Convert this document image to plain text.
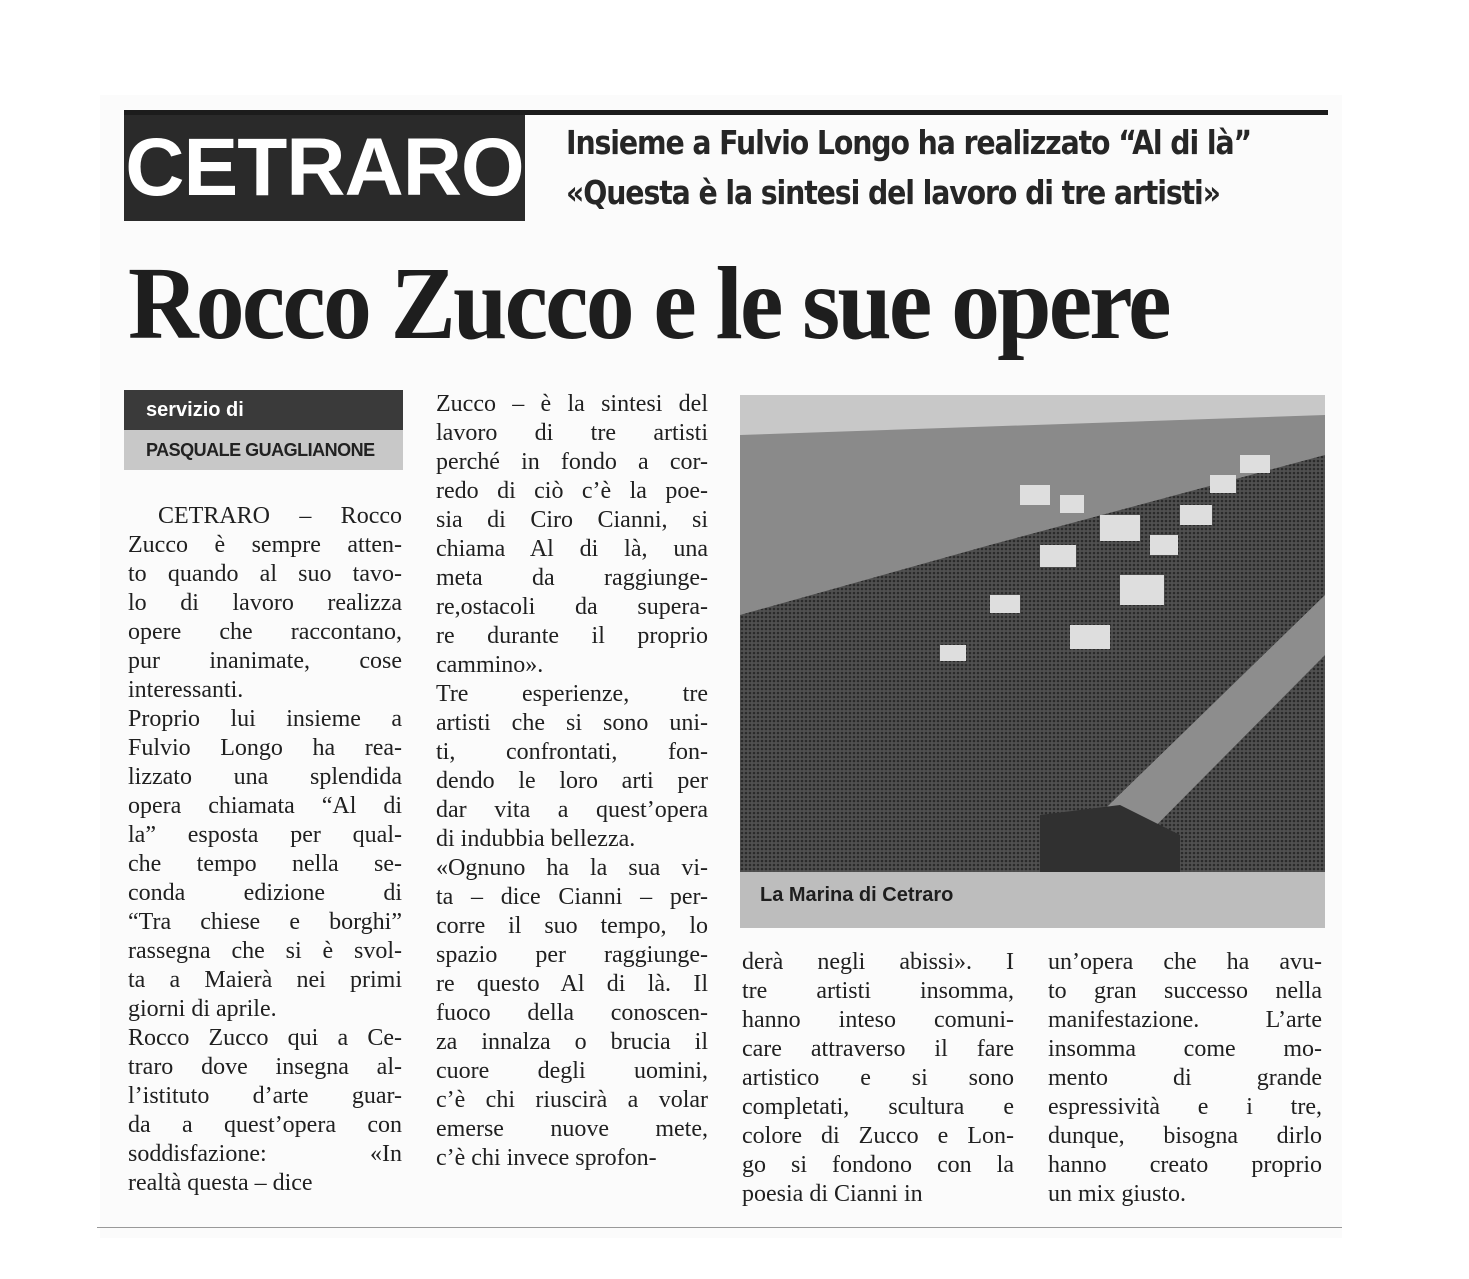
CETRARO Insieme a Fulvio Longo ha realizzato “Al di là”
«Questa è la sintesi del lavoro di tre artisti»
Rocco Zucco e le sue opere
servizio di
PASQUALE GUAGLIANONE

CETRARO – Rocco

Zucco è sempre atten-

to quando al suo tavo-

lo di lavoro realizza

opere che raccontano,

pur inanimate, cose

interessanti.

Proprio lui insieme a

Fulvio Longo ha rea-

lizzato una splendida

opera chiamata “Al di

la” esposta per qual-

che tempo nella se-

conda edizione di

“Tra chiese e borghi”

rassegna che si è svol-

ta a Maierà nei primi

giorni di aprile.

Rocco Zucco qui a Ce-

traro dove insegna al-

l’istituto d’arte guar-

da a quest’opera con

soddisfazione: «In

realtà questa – dice

Zucco – è la sintesi del

lavoro di tre artisti

perché in fondo a cor-

redo di ciò c’è la poe-

sia di Ciro Cianni, si

chiama Al di là, una

meta da raggiunge-

re,ostacoli da supera-

re durante il proprio

cammino».

Tre esperienze, tre

artisti che si sono uni-

ti, confrontati, fon-

dendo le loro arti per

dar vita a quest’opera

di indubbia bellezza.

«Ognuno ha la sua vi-

ta – dice Cianni – per-

corre il suo tempo, lo

spazio per raggiunge-

re questo Al di là. Il

fuoco della conoscen-

za innalza o brucia il

cuore degli uomini,

c’è chi riuscirà a volar

emerse nuove mete,

c’è chi invece sprofon-

derà negli abissi». I

tre artisti insomma,

hanno inteso comuni-

care attraverso il fare

artistico e si sono

completati, scultura e

colore di Zucco e Lon-

go si fondono con la

poesia di Cianni in

un’opera che ha avu-

to gran successo nella

manifestazione. L’arte

insomma come mo-

mento di grande

espressività e i tre,

dunque, bisogna dirlo

hanno creato proprio

un mix giusto.

La Marina di Cetraro
